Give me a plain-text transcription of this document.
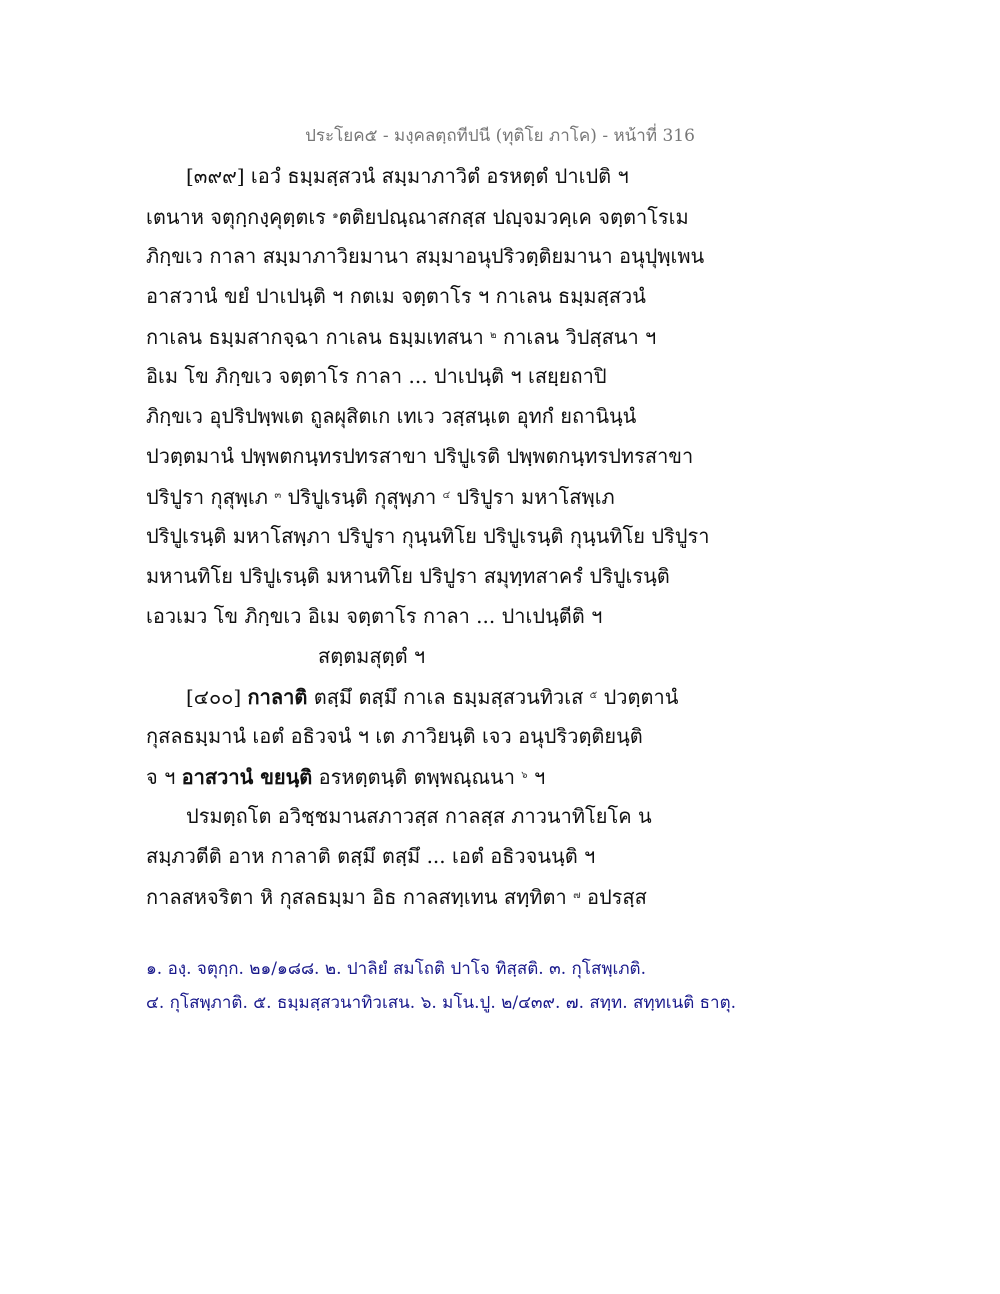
ประโยค๕ - มงฺคลตฺถทีปนี (ทุติโย ภาโค) - หน้าที่ 316
[๓๙๙] เอวํ ธมฺมสฺสวนํ สมฺมาภาวิตํ อรหตฺตํ ปาเปติ ฯ
เตนาห จตุกฺกงฺคุตฺตเร $^๑$ตติยปณฺณาสกสฺส ปญฺจมวคฺเค จตฺตาโรเม
ภิกฺขเว กาลา สมฺมาภาวิยมานา สมฺมาอนุปริวตฺติยมานา อนุปุพฺเพน
อาสวานํ ขยํ ปาเปนฺติ ฯ กตเม จตฺตาโร ฯ กาเลน ธมฺมสฺสวนํ
กาเลน ธมฺมสากจฺฉา กาเลน ธมฺมเทสนา $^๒$ กาเลน วิปสฺสนา ฯ
อิเม โข ภิกฺขเว จตฺตาโร กาลา ... ปาเปนฺติ ฯ เสยฺยถาปิ
ภิกฺขเว อุปริปพฺพเต ถูลผุสิตเก เทเว วสฺสนฺเต อุทกํ ยถานินฺนํ
ปวตฺตมานํ ปพฺพตกนฺทรปทรสาขา ปริปูเรติ ปพฺพตกนฺทรปทรสาขา
ปริปูรา กุสุพฺเภ $^๓$ ปริปูเรนฺติ กุสุพฺภา $^๔$ ปริปูรา มหาโสพฺเภ
ปริปูเรนฺติ มหาโสพฺภา ปริปูรา กุนฺนทิโย ปริปูเรนฺติ กุนฺนทิโย ปริปูรา
มหานทิโย ปริปูเรนฺติ มหานทิโย ปริปูรา สมุทฺทสาครํ ปริปูเรนฺติ
เอวเมว โข ภิกฺขเว อิเม จตฺตาโร กาลา ... ปาเปนฺตีติ ฯ
สตฺตมสุตฺตํ ฯ
[๔๐๐] กาลาติ ตสฺมึ ตสฺมึ กาเล ธมฺมสฺสวนทิวเส $^๕$ ปวตฺตานํ
กุสลธมฺมานํ เอตํ อธิวจนํ ฯ เต ภาวิยนฺติ เจว อนุปริวตฺติยนฺติ
จ ฯ อาสวานํ ขยนฺติ อรหตฺตนฺติ ตพฺพณฺณนา $^๖$ ฯ
ปรมตฺถโต อวิชฺชมานสภาวสฺส กาลสฺส ภาวนาทิโยโค น
สมฺภวตีติ อาห กาลาติ ตสฺมึ ตสฺมึ ... เอตํ อธิวจนนฺติ ฯ
กาลสหจริตา หิ กุสลธมฺมา อิธ กาลสทฺเทน สทฺทิตา $^๗$ อปรสฺส
๑. องฺ. จตุกฺก. ๒๑/๑๘๘. ๒. ปาลิยํ สมโถติ ปาโจ ทิสฺสติ. ๓. กุโสพฺเภติ.
๔. กุโสพฺภาติ. ๕. ธมฺมสฺสวนาทิวเสน. ๖. มโน.ปู. ๒/๔๓๙. ๗. สทฺท. สทฺทเนติ ธาตุ.
